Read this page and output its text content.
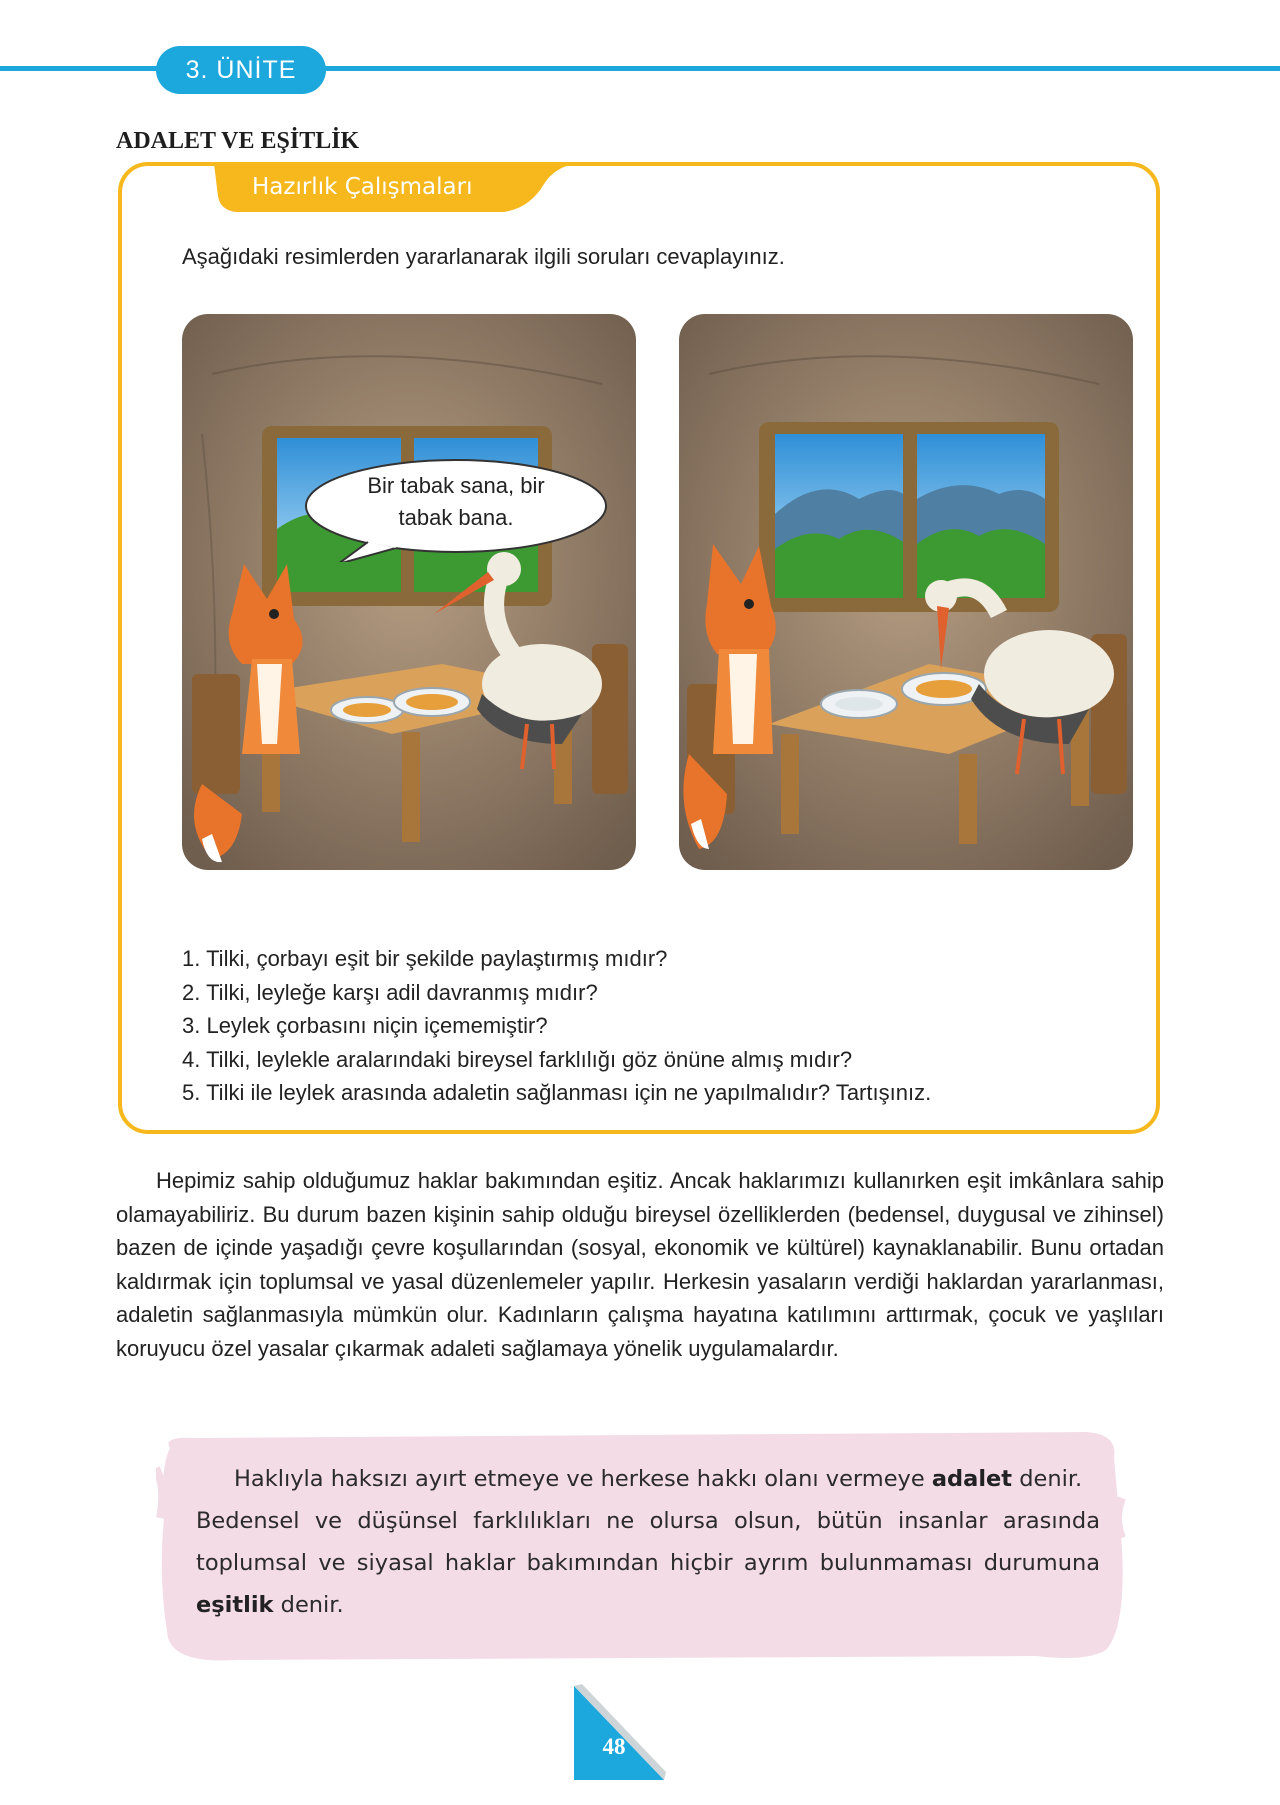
3. ÜNİTE
ADALET VE EŞİTLİK
Hazırlık Çalışmaları
Aşağıdaki resimlerden yararlanarak ilgili soruları cevaplayınız.
Bir tabak sana, bir
tabak bana.
1. Tilki, çorbayı eşit bir şekilde paylaştırmış mıdır?
2. Tilki, leyleğe karşı adil davranmış mıdır?
3. Leylek çorbasını niçin içememiştir?
4. Tilki, leylekle aralarındaki bireysel farklılığı göz önüne almış mıdır?
5. Tilki ile leylek arasında adaletin sağlanması için ne yapılmalıdır? Tartışınız.

Hepimiz sahip olduğumuz haklar bakımından eşitiz. Ancak haklarımızı kullanırken eşit imkânlara sahip olamayabiliriz. Bu durum bazen kişinin sahip olduğu bireysel özelliklerden (bedensel, duygusal ve zihinsel) bazen de içinde yaşadığı çevre koşullarından (sosyal, ekonomik ve kültürel) kaynaklanabilir. Bunu ortadan kaldırmak için toplumsal ve yasal düzenlemeler yapılır. Herkesin yasaların verdiği haklardan yararlanması, adaletin sağlanmasıyla mümkün olur. Kadınların çalışma hayatına katılımını arttırmak, çocuk ve yaşlıları koruyucu özel yasalar çıkarmak adaleti sağlamaya yönelik uygulamalardır.

Haklıyla haksızı ayırt etmeye ve herkese hakkı olanı vermeye adalet denir.
Bedensel ve düşünsel farklılıkları ne olursa olsun, bütün insanlar arasında toplumsal ve siyasal haklar bakımından hiçbir ayrım bulunmaması durumuna eşitlik denir.

48
